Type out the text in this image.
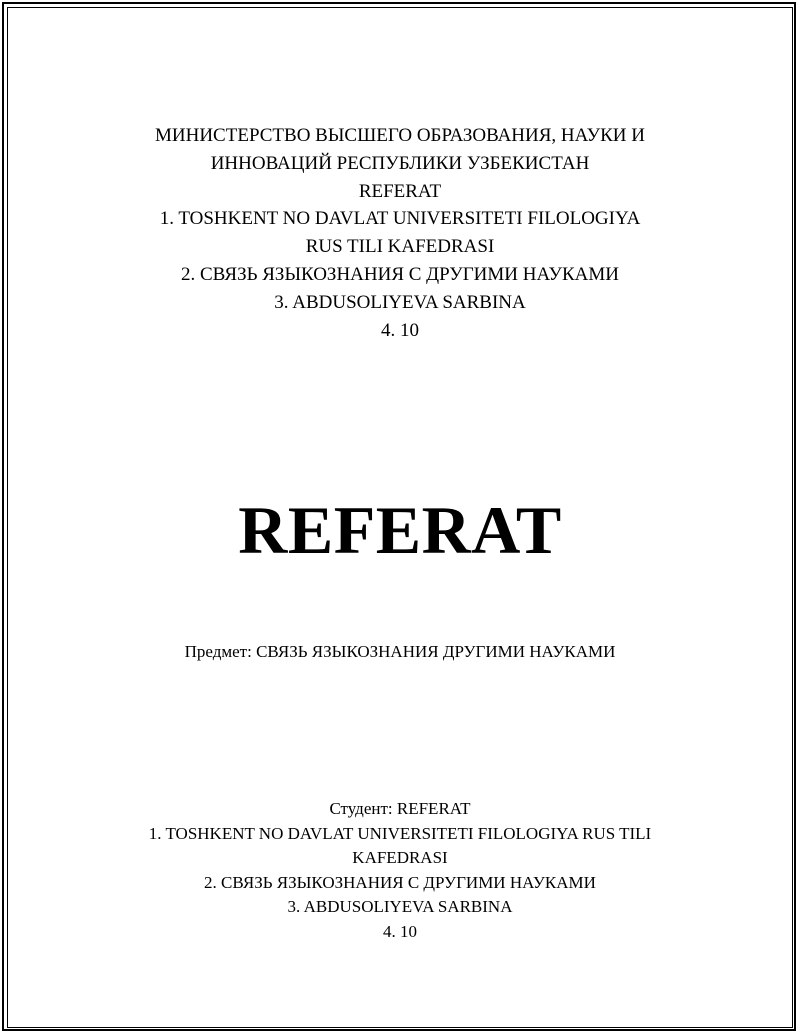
МИНИСТЕРСТВО ВЫСШЕГО ОБРАЗОВАНИЯ, НАУКИ И
ИННОВАЦИЙ РЕСПУБЛИКИ УЗБЕКИСТАН
REFERAT
1. TOSHKENT NO DAVLAT UNIVERSITETI FILOLOGIYA
RUS TILI KAFEDRASI
2. СВЯЗЬ ЯЗЫКОЗНАНИЯ С ДРУГИМИ НАУКАМИ
3. ABDUSOLIYEVA SARBINA
4. 10
REFERAT
Предмет: СВЯЗЬ ЯЗЫКОЗНАНИЯ ДРУГИМИ НАУКАМИ
Студент: REFERAT
1. TOSHKENT NO DAVLAT UNIVERSITETI FILOLOGIYA RUS TILI
KAFEDRASI
2. СВЯЗЬ ЯЗЫКОЗНАНИЯ С ДРУГИМИ НАУКАМИ
3. ABDUSOLIYEVA SARBINA
4. 10
